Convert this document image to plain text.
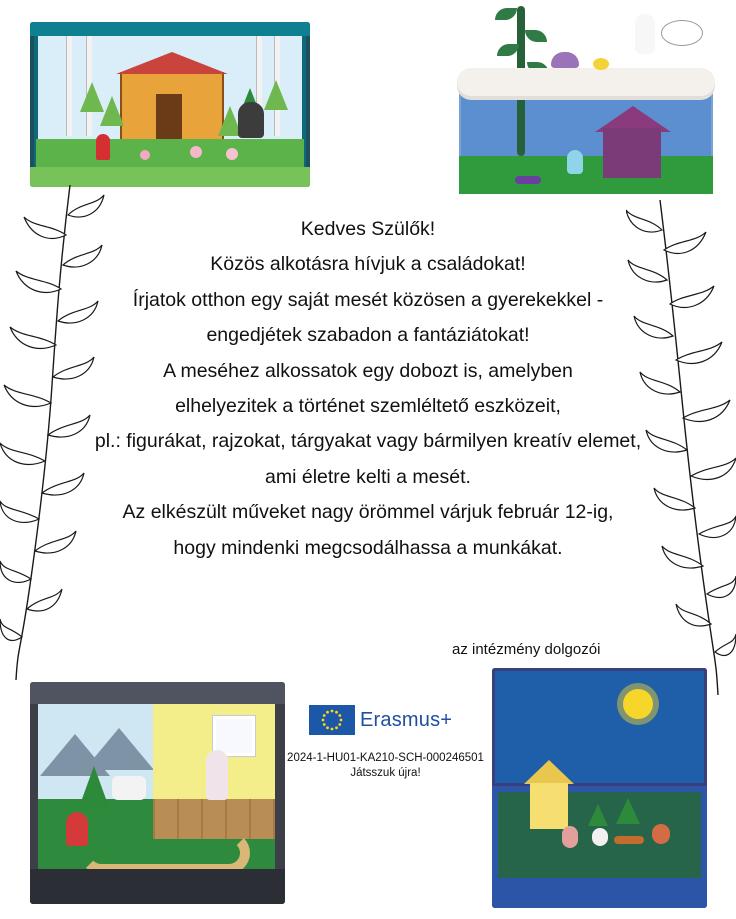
Kedves Szülők!

Közös alkotásra hívjuk a családokat!

Írjatok otthon egy saját mesét közösen a gyerekekkel -

engedjétek szabadon a fantáziátokat!

A meséhez alkossatok egy dobozt is, amelyben

elhelyezitek a történet szemléltető eszközeit,

pl.: figurákat, rajzokat, tárgyakat vagy bármilyen kreatív elemet,

ami életre kelti a mesét.

Az elkészült műveket nagy örömmel várjuk február 12-ig,

hogy mindenki megcsodálhassa a munkákat.

az intézmény dolgozói
Erasmus+
2024-1-HU01-KA210-SCH-000246501
Játsszuk újra!
